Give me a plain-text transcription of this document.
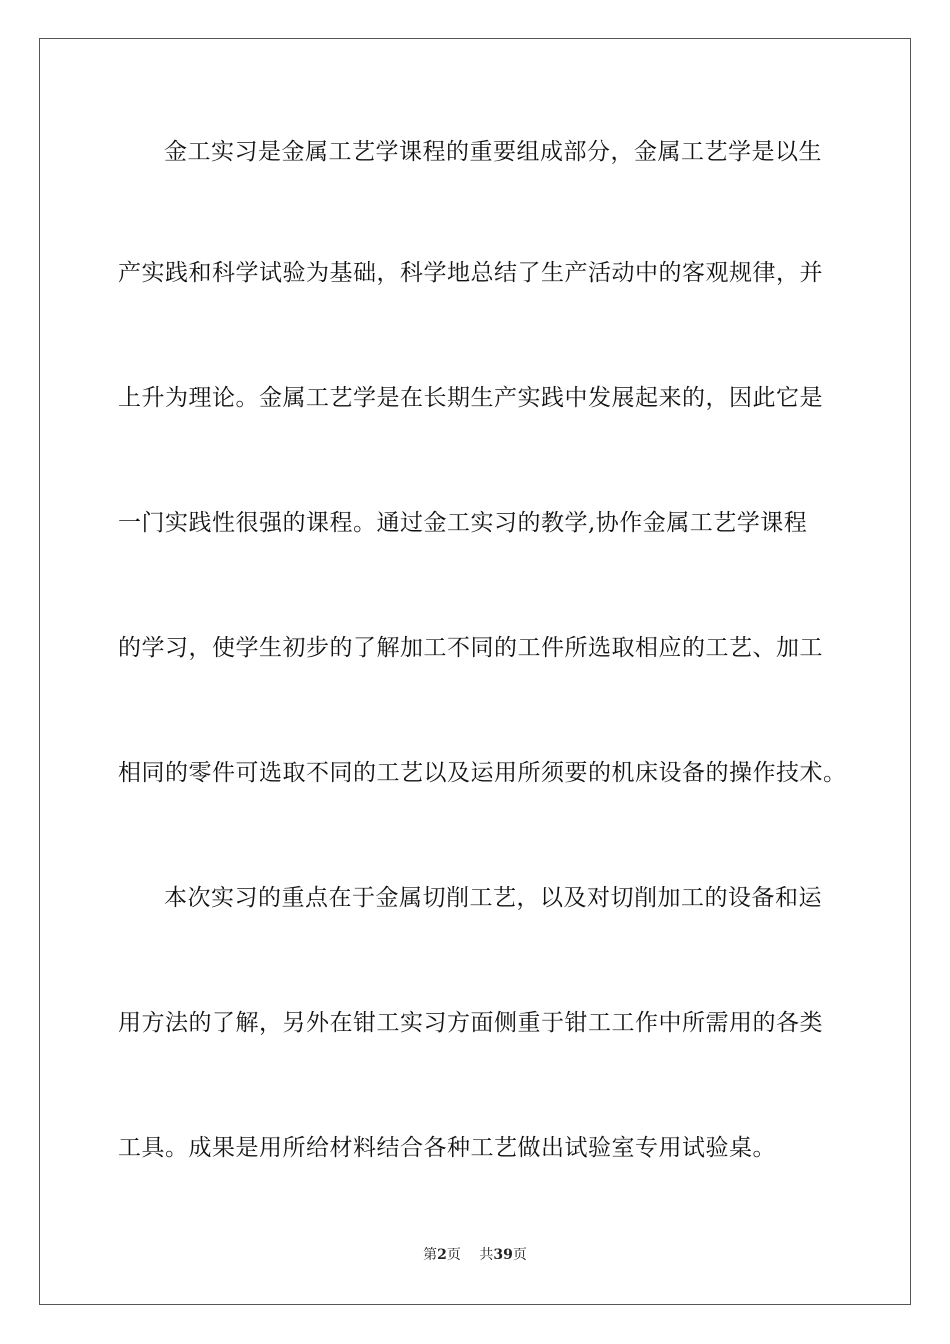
金工实习是金属工艺学课程的重要组成部分，金属工艺学是以生
产实践和科学试验为基础，科学地总结了生产活动中的客观规律，并
上升为理论。金属工艺学是在长期生产实践中发展起来的，因此它是
一门实践性很强的课程。通过金工实习的教学,协作金属工艺学课程
的学习，使学生初步的了解加工不同的工件所选取相应的工艺、加工
相同的零件可选取不同的工艺以及运用所须要的机床设备的操作技术。
本次实习的重点在于金属切削工艺，以及对切削加工的设备和运
用方法的了解，另外在钳工实习方面侧重于钳工工作中所需用的各类
工具。成果是用所给材料结合各种工艺做出试验室专用试验桌。
第2页 共39页
